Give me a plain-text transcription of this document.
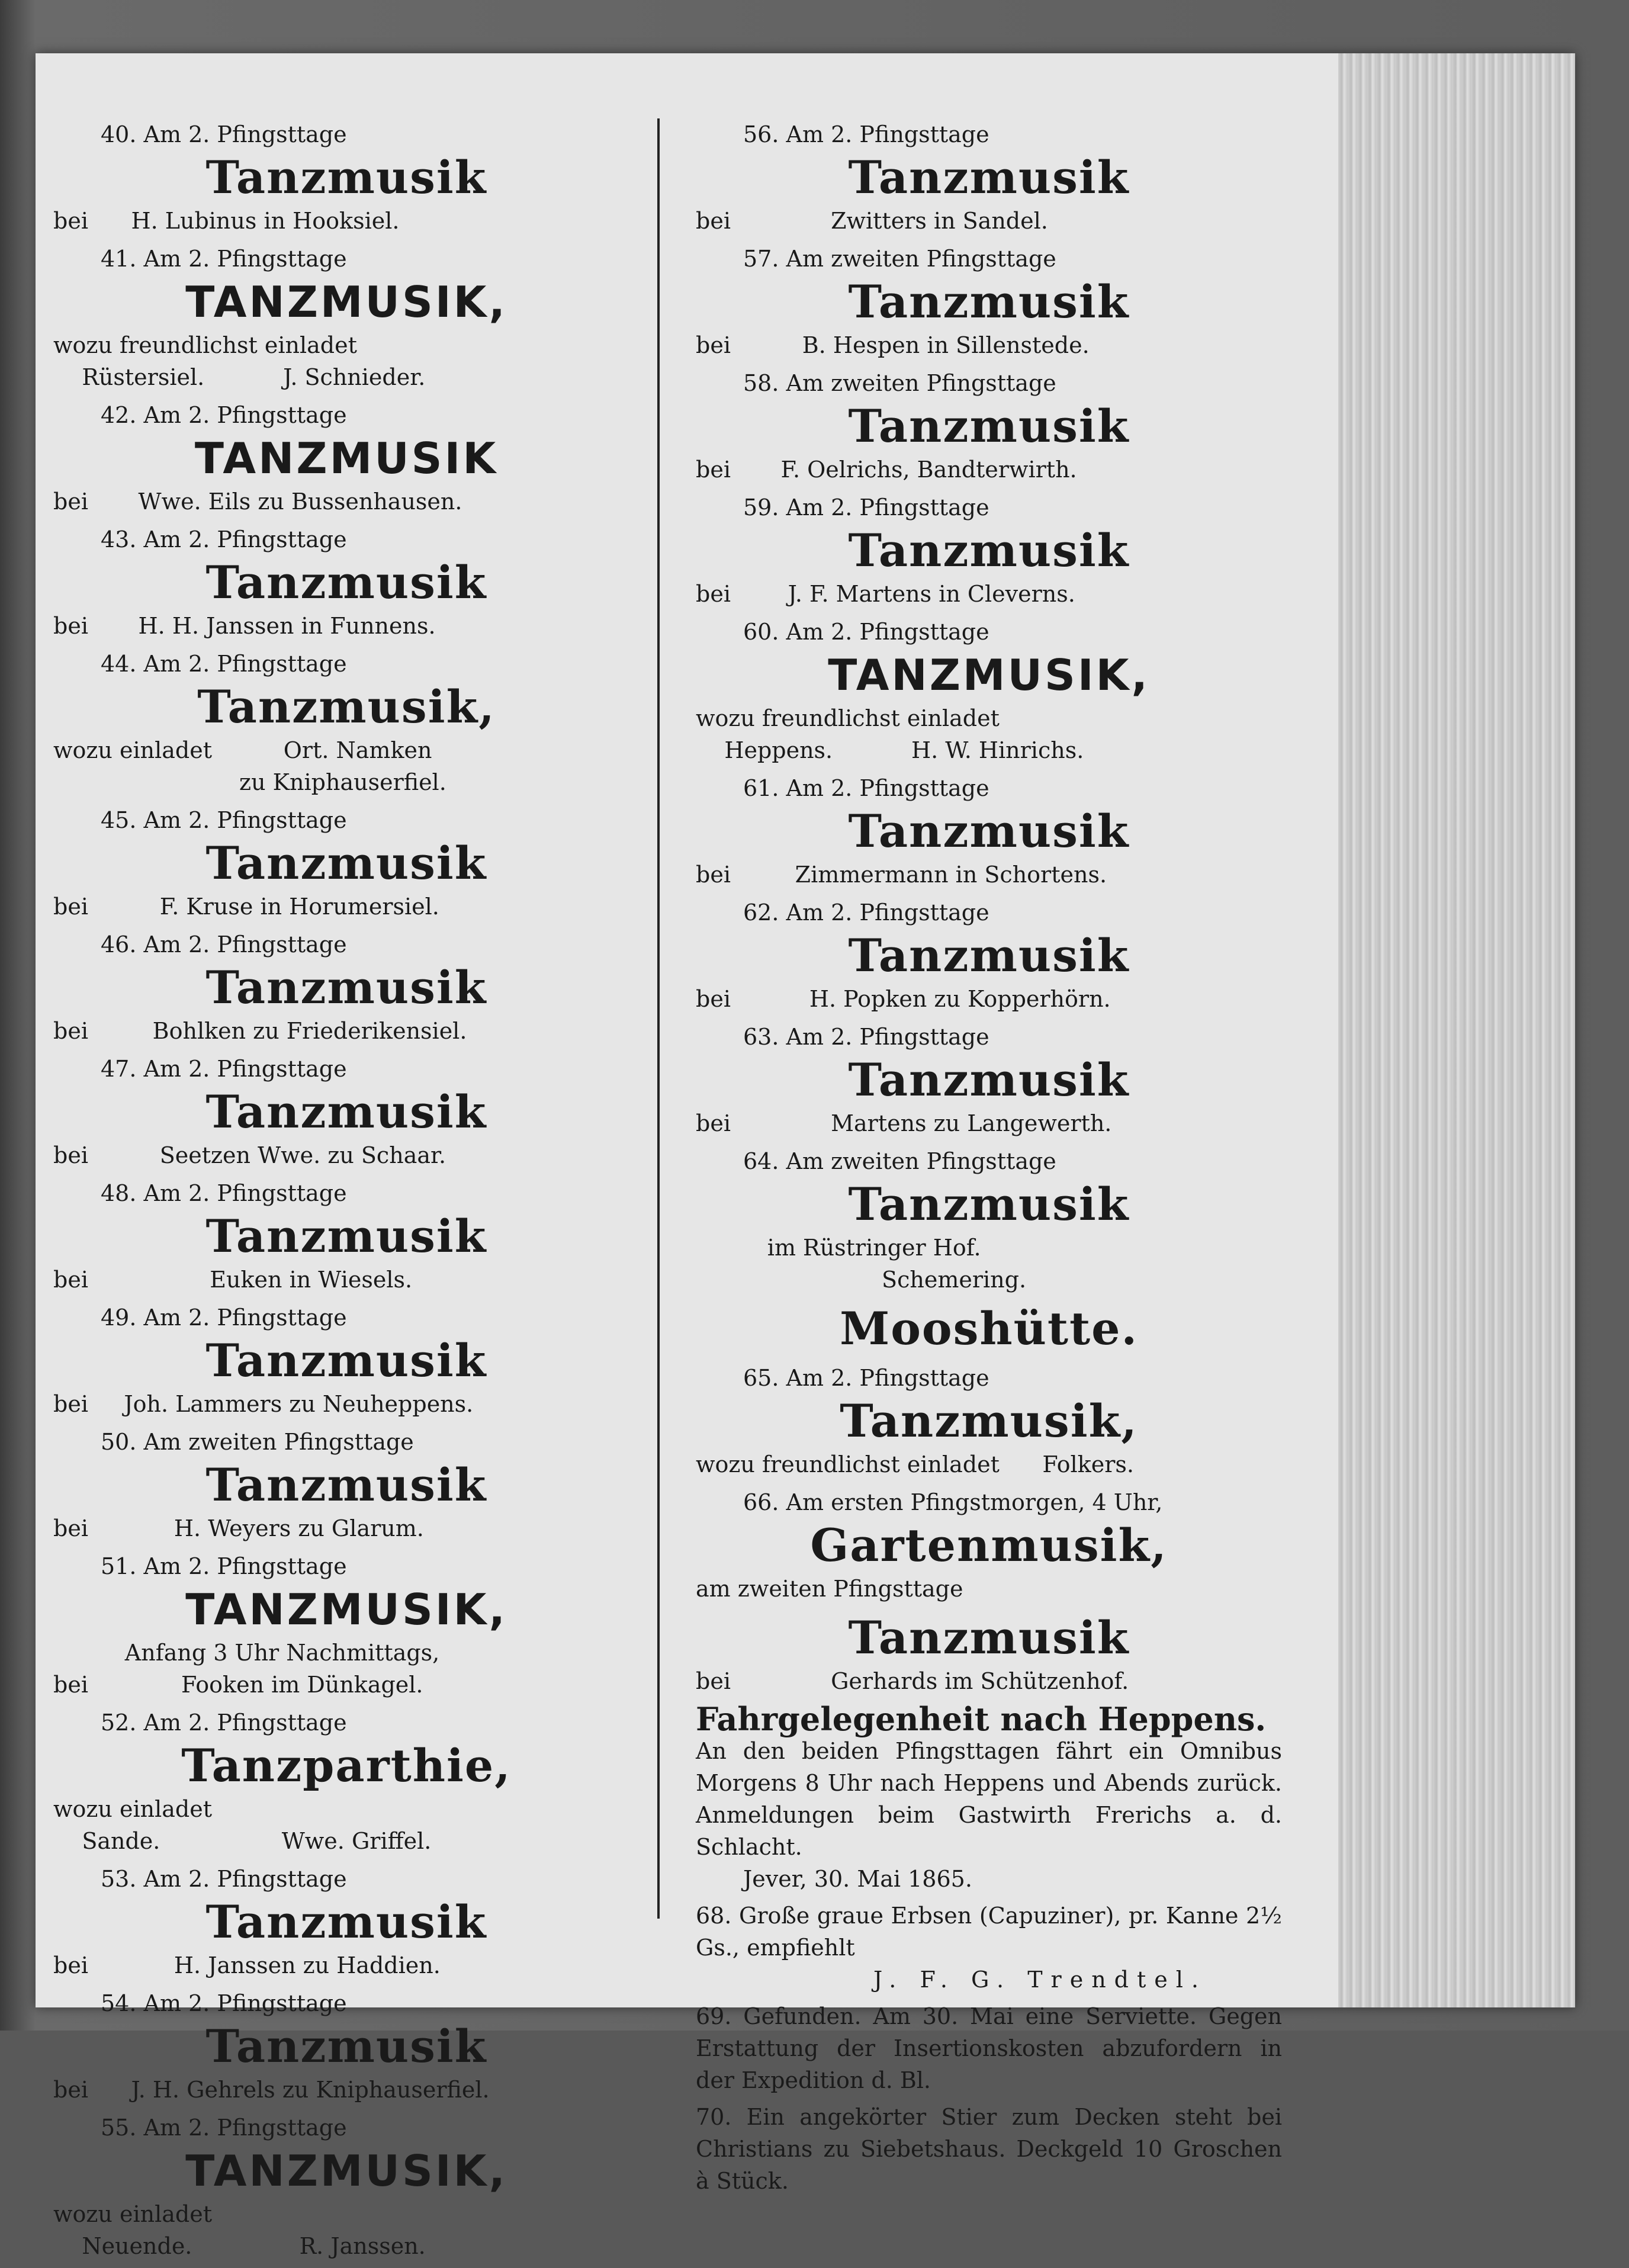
40. Am 2. Pfingsttage
Tanzmusik
bei      H. Lubinus in Hooksiel.
41. Am 2. Pfingsttage
TANZMUSIK,
wozu freundlichst einladet
Rüstersiel.           J. Schnieder.
42. Am 2. Pfingsttage
TANZMUSIK
bei       Wwe. Eils zu Bussenhausen.
43. Am 2. Pfingsttage
Tanzmusik
bei       H. H. Janssen in Funnens.
44. Am 2. Pfingsttage
Tanzmusik,
wozu einladet          Ort. Namken
zu Kniphauserfiel.
45. Am 2. Pfingsttage
Tanzmusik
bei          F. Kruse in Horumersiel.
46. Am 2. Pfingsttage
Tanzmusik
bei         Bohlken zu Friederikensiel.
47. Am 2. Pfingsttage
Tanzmusik
bei          Seetzen Wwe. zu Schaar.
48. Am 2. Pfingsttage
Tanzmusik
bei                 Euken in Wiesels.
49. Am 2. Pfingsttage
Tanzmusik
bei     Joh. Lammers zu Neuheppens.
50. Am zweiten Pfingsttage
Tanzmusik
bei            H. Weyers zu Glarum.
51. Am 2. Pfingsttage
TANZMUSIK,
Anfang 3 Uhr Nachmittags,
bei             Fooken im Dünkagel.
52. Am 2. Pfingsttage
Tanzparthie,
wozu einladet
Sande.                 Wwe. Griffel.
53. Am 2. Pfingsttage
Tanzmusik
bei            H. Janssen zu Haddien.
54. Am 2. Pfingsttage
Tanzmusik
bei      J. H. Gehrels zu Kniphauserfiel.
55. Am 2. Pfingsttage
TANZMUSIK,
wozu einladet
Neuende.               R. Janssen.
56. Am 2. Pfingsttage
Tanzmusik
bei              Zwitters in Sandel.
57. Am zweiten Pfingsttage
Tanzmusik
bei          B. Hespen in Sillenstede.
58. Am zweiten Pfingsttage
Tanzmusik
bei       F. Oelrichs, Bandterwirth.
59. Am 2. Pfingsttage
Tanzmusik
bei        J. F. Martens in Cleverns.
60. Am 2. Pfingsttage
TANZMUSIK,
wozu freundlichst einladet
Heppens.           H. W. Hinrichs.
61. Am 2. Pfingsttage
Tanzmusik
bei         Zimmermann in Schortens.
62. Am 2. Pfingsttage
Tanzmusik
bei           H. Popken zu Kopperhörn.
63. Am 2. Pfingsttage
Tanzmusik
bei              Martens zu Langewerth.
64. Am zweiten Pfingsttage
Tanzmusik
im Rüstringer Hof.
Schemering.
Mooshütte.
65. Am 2. Pfingsttage
Tanzmusik,
wozu freundlichst einladet      Folkers.
66. Am ersten Pfingstmorgen, 4 Uhr,
Gartenmusik,
am zweiten Pfingsttage
Tanzmusik
bei              Gerhards im Schützenhof.
Fahrgelegenheit nach Heppens.
An den beiden Pfingsttagen fährt ein Omnibus Morgens 8 Uhr nach Heppens und Abends zurück. Anmeldungen beim Gastwirth Frerichs a. d. Schlacht.
Jever, 30. Mai 1865.
68. Große graue Erbsen (Capuziner), pr. Kanne 2½ Gs., empfiehlt
J. F. G. Trendtel.
69. Gefunden. Am 30. Mai eine Serviette. Gegen Erstattung der Insertionskosten abzufordern in der Expedition d. Bl.
70. Ein angekörter Stier zum Decken steht bei Christians zu Siebetshaus. Deckgeld 10 Groschen à Stück.
